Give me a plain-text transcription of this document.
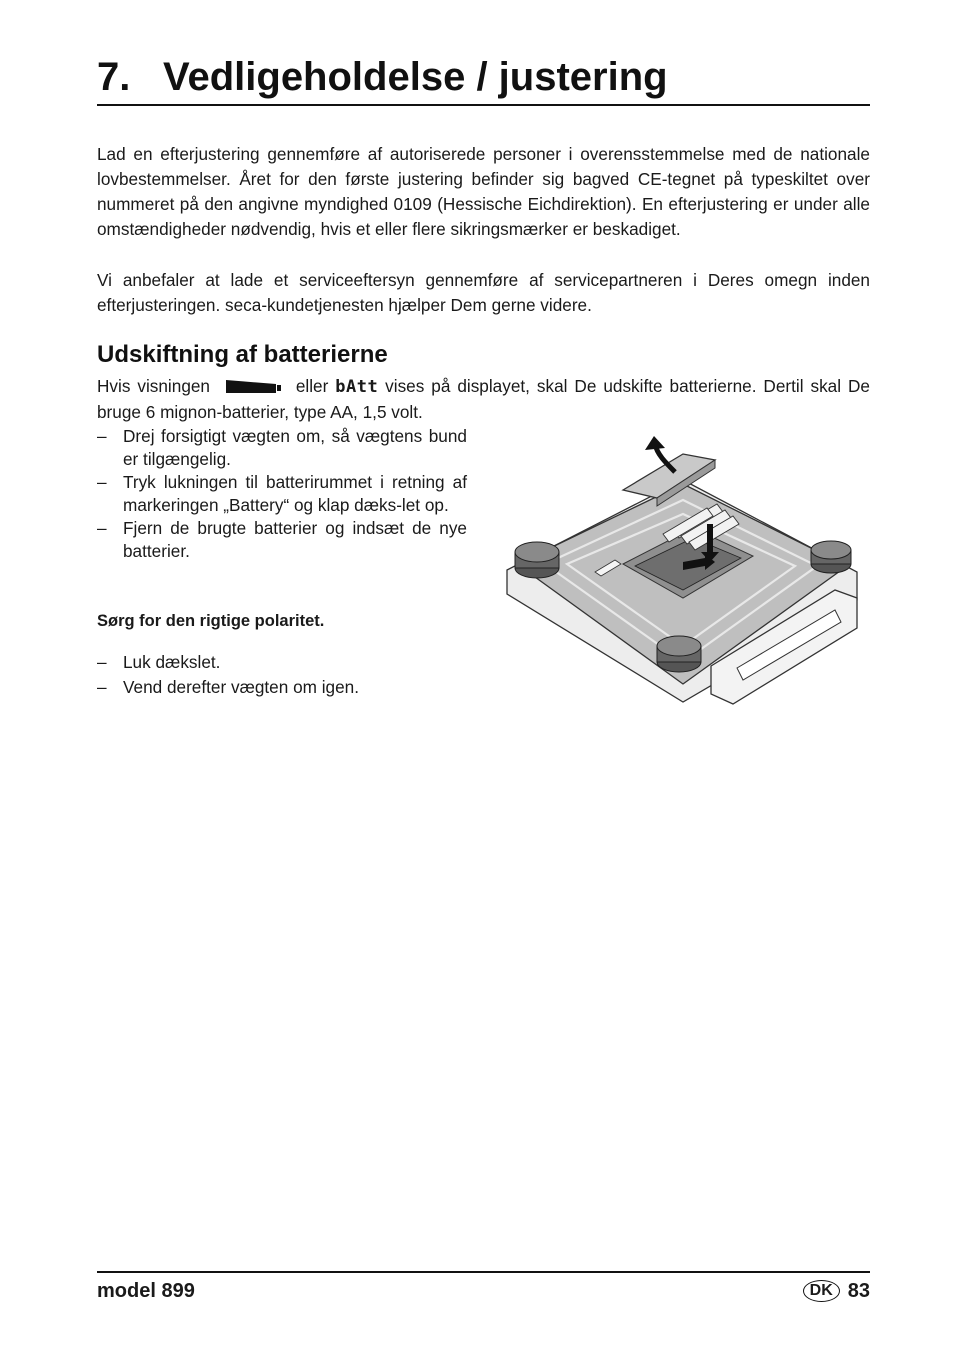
7. Vedligeholdelse / justering

Lad en efterjustering gennemføre af autoriserede personer i overensstemmelse med de nationale lovbestemmelser. Året for den første justering befinder sig bagved CE-tegnet på typeskiltet over nummeret på den angivne myndighed 0109 (Hessische Eichdirektion). En efterjustering er under alle omstændigheder nødvendig, hvis et eller flere sikringsmærker er beskadiget.

Vi anbefaler at lade et serviceeftersyn gennemføre af servicepartneren i Deres omegn inden efterjusteringen. seca-kundetjenesten hjælper Dem gerne videre.

Udskiftning af batterierne

Hvis visningen	eller bAtt vises på displayet, skal De udskifte batterierne. Dertil skal De bruge 6 mignon-batterier, type AA, 1,5 volt.

– Drej forsigtigt vægten om, så vægtens bund er tilgængelig.
– Tryk lukningen til batterirummet i retning af markeringen „Battery“ og klap dæks-let op.
– Fjern de brugte batterier og indsæt de nye batterier.

Sørg for den rigtige polaritet.

– Luk dækslet.
– Vend derefter vægten om igen.
model 899	DK 83
